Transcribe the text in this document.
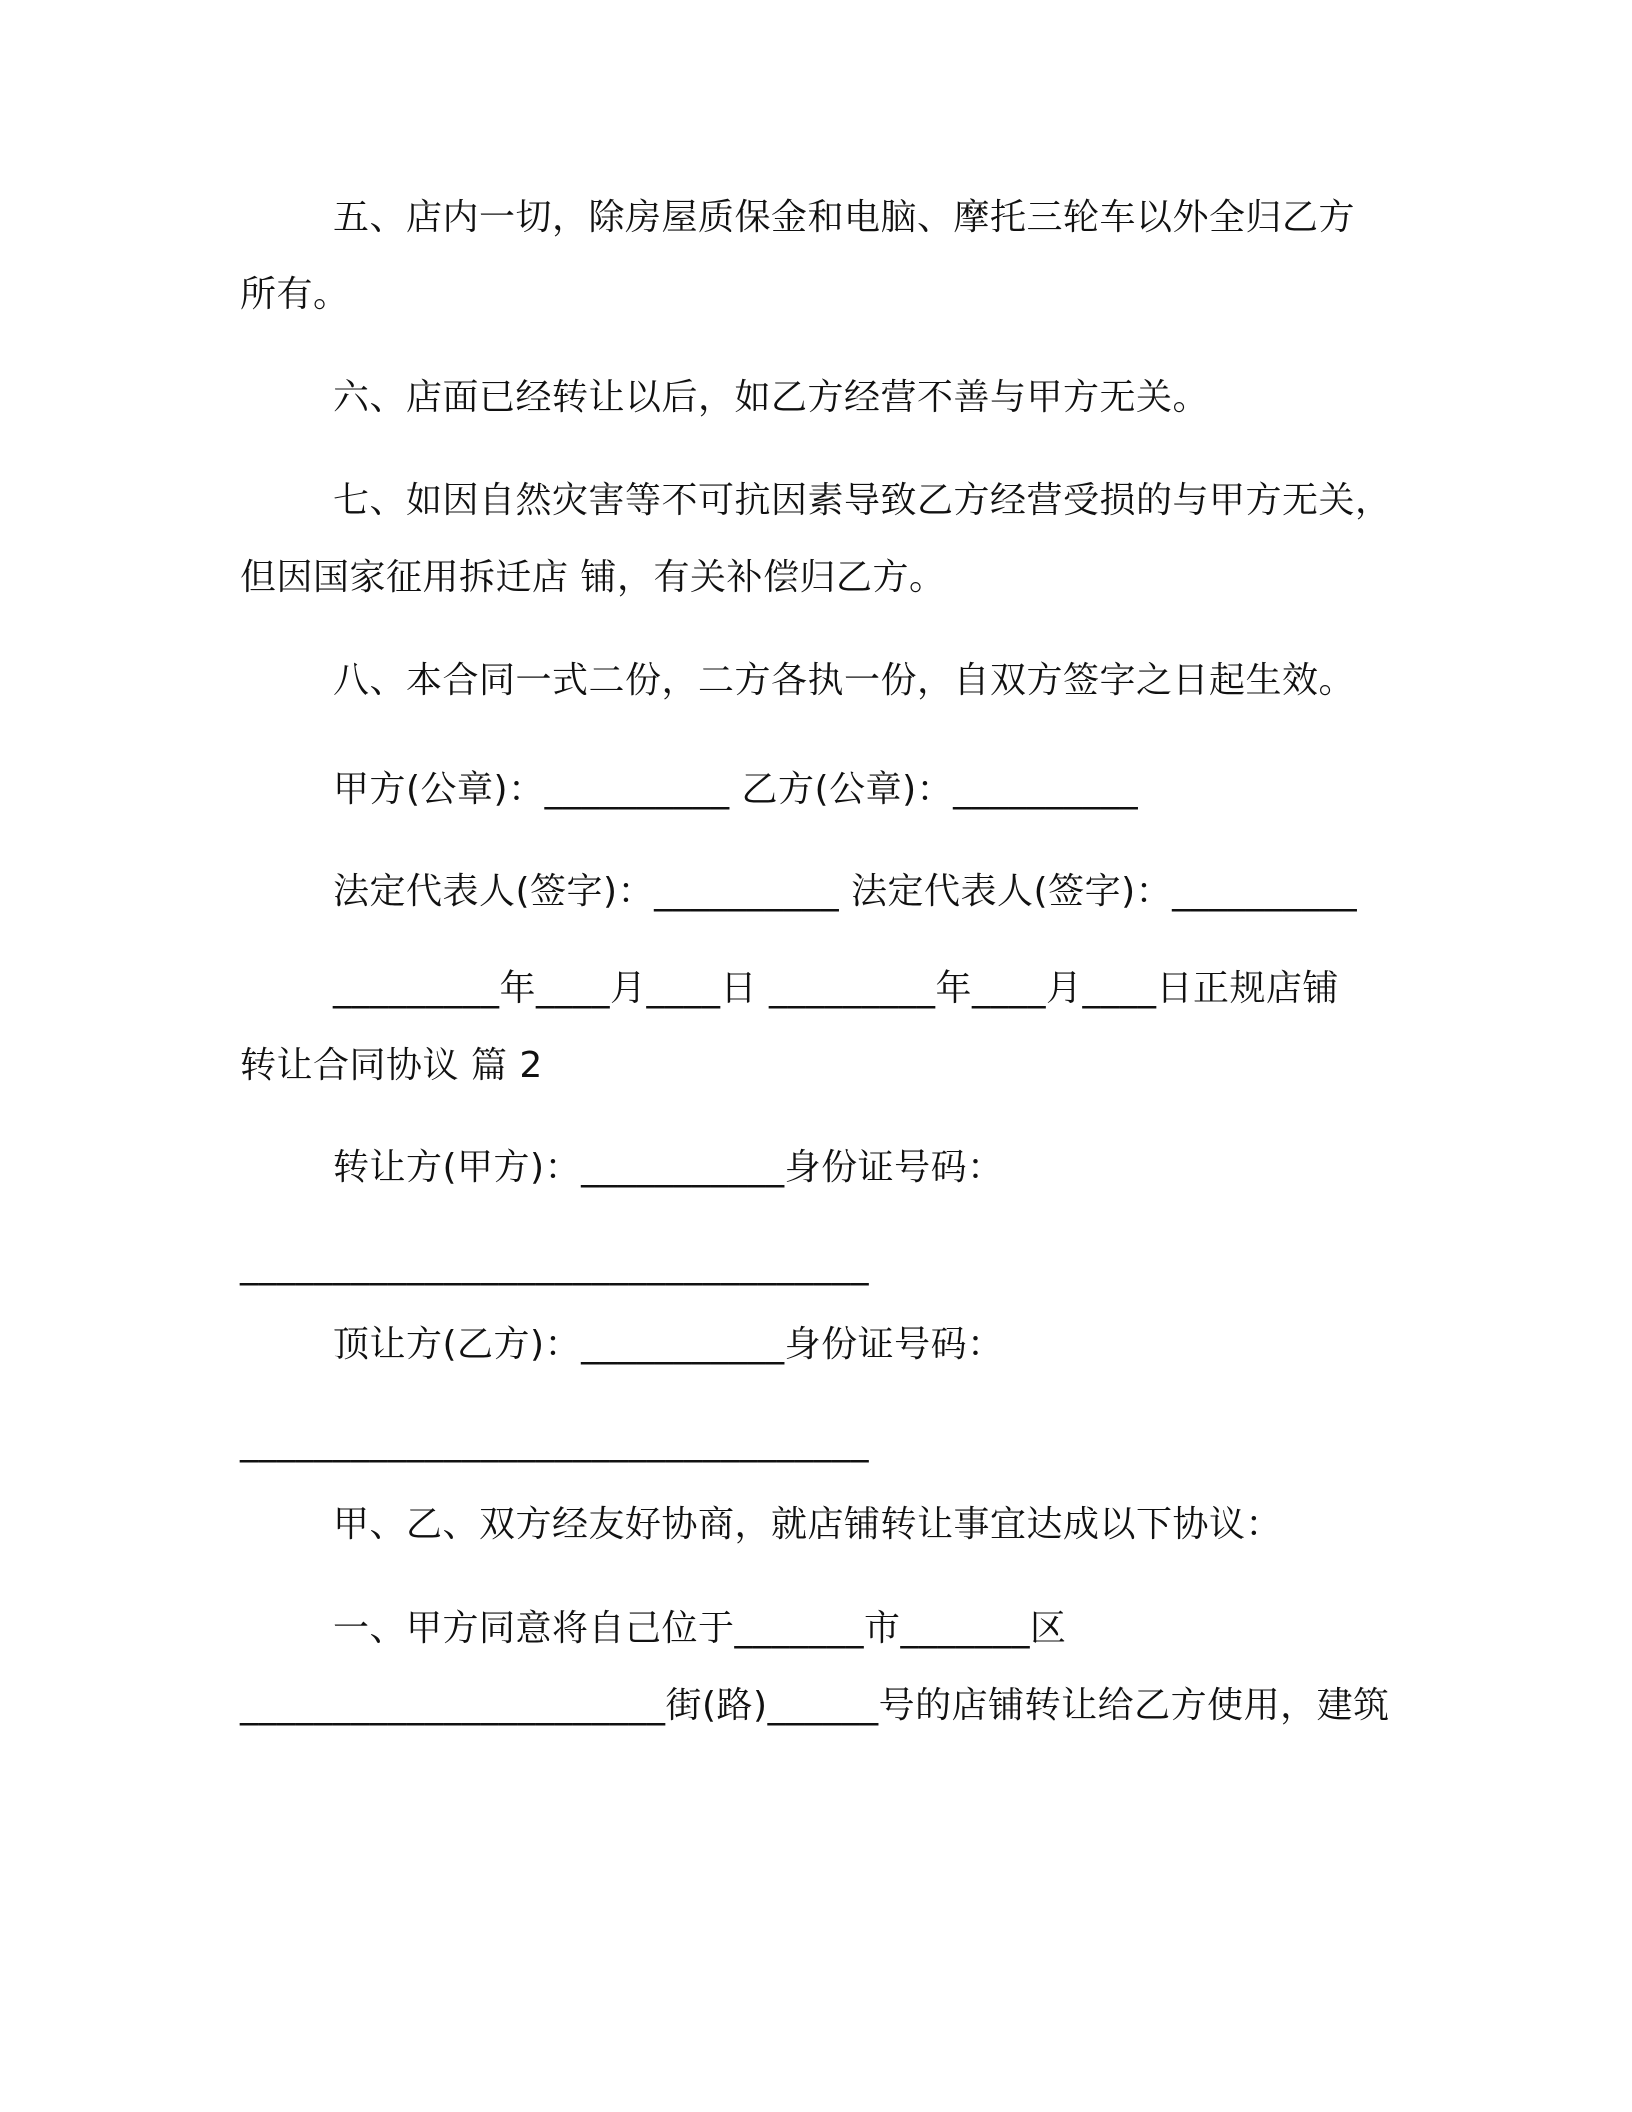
五、店内一切，除房屋质保金和电脑、摩托三轮车以外全归乙方
所有。
六、店面已经转让以后，如乙方经营不善与甲方无关。
七、如因自然灾害等不可抗因素导致乙方经营受损的与甲方无关，
但因国家征用拆迁店 铺，有关补偿归乙方。
八、本合同一式二份，二方各执一份，自双方签字之日起生效。
甲方(公章)：__________ 乙方(公章)：__________
法定代表人(签字)：__________ 法定代表人(签字)：__________
_________年____月____日 _________年____月____日正规店铺
转让合同协议 篇 2
转让方(甲方)：___________身份证号码：
__________________________________
顶让方(乙方)：___________身份证号码：
__________________________________
甲、乙、双方经友好协商，就店铺转让事宜达成以下协议：
一、甲方同意将自己位于_______市_______区
_______________________街(路)______号的店铺转让给乙方使用，建筑
